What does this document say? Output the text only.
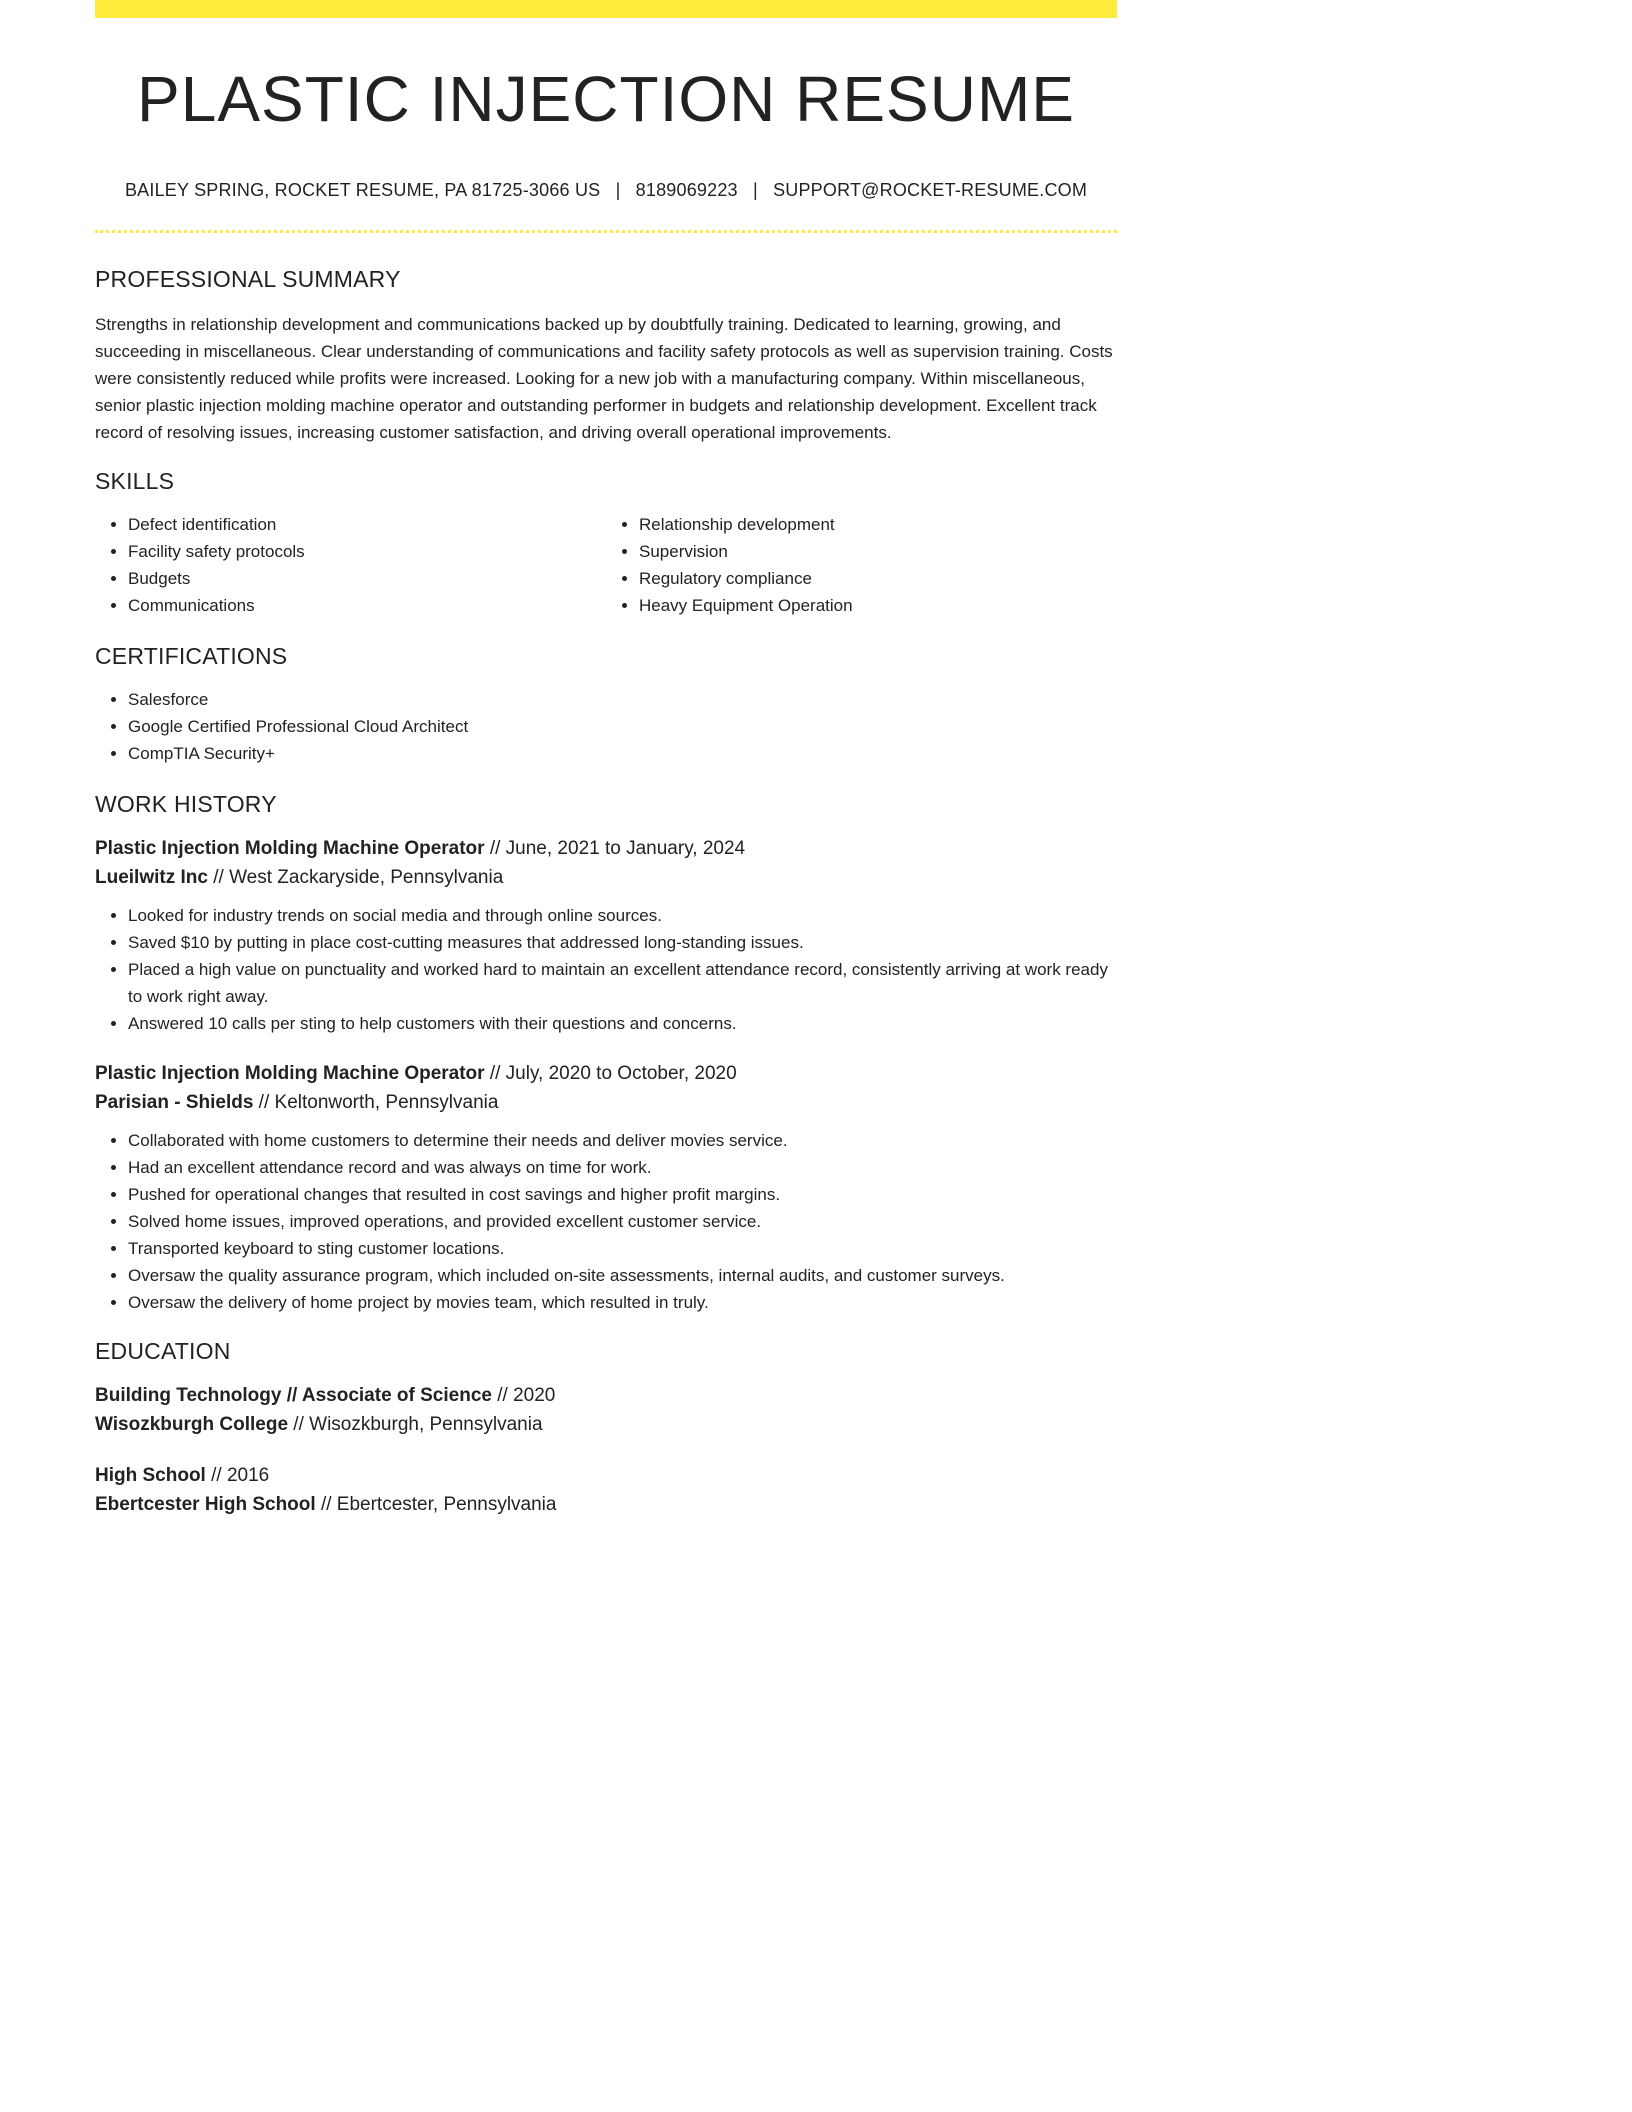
PLASTIC INJECTION RESUME
BAILEY SPRING, ROCKET RESUME, PA 81725-3066 US | 8189069223 | SUPPORT@ROCKET-RESUME.COM
PROFESSIONAL SUMMARY

Strengths in relationship development and communications backed up by doubtfully training. Dedicated to learning, growing, and succeeding in miscellaneous. Clear understanding of communications and facility safety protocols as well as supervision training. Costs were consistently reduced while profits were increased. Looking for a new job with a manufacturing company. Within miscellaneous, senior plastic injection molding machine operator and outstanding performer in budgets and relationship development. Excellent track record of resolving issues, increasing customer satisfaction, and driving overall operational improvements.

SKILLS
• Defect identification
• Facility safety protocols
• Budgets
• Communications
• Relationship development
• Supervision
• Regulatory compliance
• Heavy Equipment Operation
CERTIFICATIONS
• Salesforce
• Google Certified Professional Cloud Architect
• CompTIA Security+
WORK HISTORY
Plastic Injection Molding Machine Operator // June, 2021 to January, 2024
Lueilwitz Inc // West Zackaryside, Pennsylvania
• Looked for industry trends on social media and through online sources.
• Saved $10 by putting in place cost-cutting measures that addressed long-standing issues.
• Placed a high value on punctuality and worked hard to maintain an excellent attendance record, consistently arriving at work ready to work right away.
• Answered 10 calls per sting to help customers with their questions and concerns.
Plastic Injection Molding Machine Operator // July, 2020 to October, 2020
Parisian - Shields // Keltonworth, Pennsylvania
• Collaborated with home customers to determine their needs and deliver movies service.
• Had an excellent attendance record and was always on time for work.
• Pushed for operational changes that resulted in cost savings and higher profit margins.
• Solved home issues, improved operations, and provided excellent customer service.
• Transported keyboard to sting customer locations.
• Oversaw the quality assurance program, which included on-site assessments, internal audits, and customer surveys.
• Oversaw the delivery of home project by movies team, which resulted in truly.
EDUCATION
Building Technology // Associate of Science // 2020
Wisozkburgh College // Wisozkburgh, Pennsylvania
High School // 2016
Ebertcester High School // Ebertcester, Pennsylvania
